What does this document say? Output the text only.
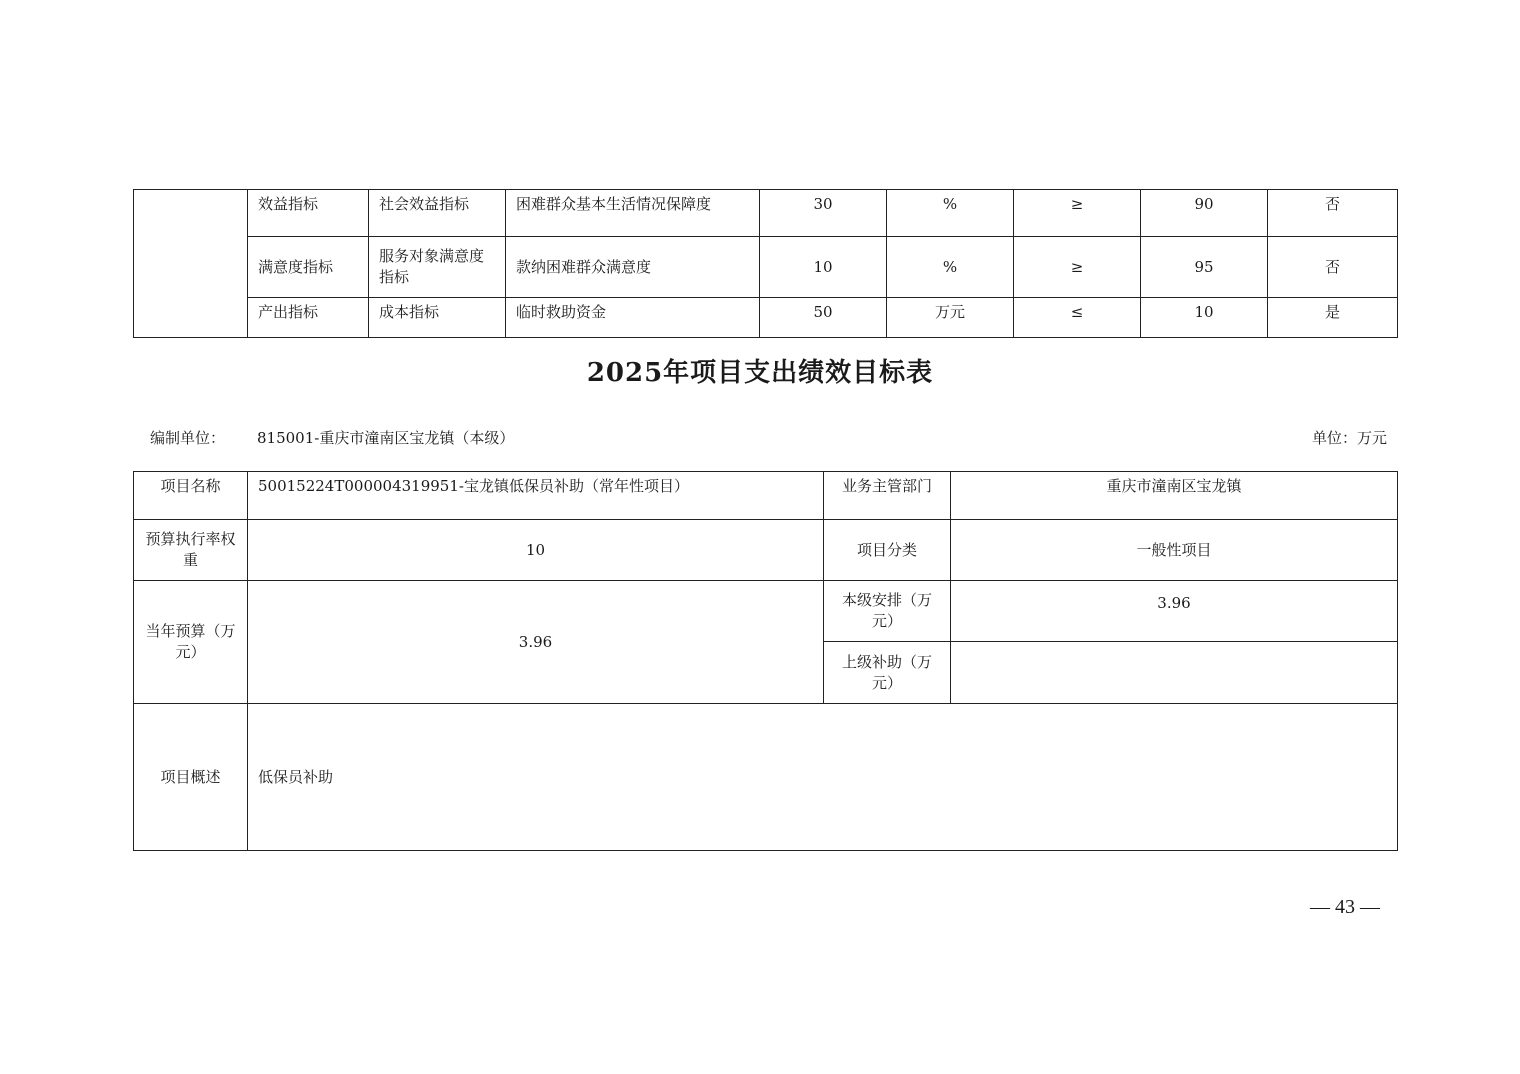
	效益指标	社会效益指标	困难群众基本生活情况保障度	30	%	≥	90	否
	满意度指标	服务对象满意度指标	款纳困难群众满意度	10	%	≥	95	否
	产出指标	成本指标	临时救助资金	50	万元	≤	10	是
2025年项目支出绩效目标表
编制单位： 815001-重庆市潼南区宝龙镇（本级）	单位：万元
项目名称	50015224T000004319951-宝龙镇低保员补助（常年性项目）	业务主管部门	重庆市潼南区宝龙镇
预算执行率权重	10	项目分类	一般性项目
当年预算（万元）	3.96	本级安排（万元）	3.96
		上级补助（万元）	
项目概述	低保员补助		
— 43 —
